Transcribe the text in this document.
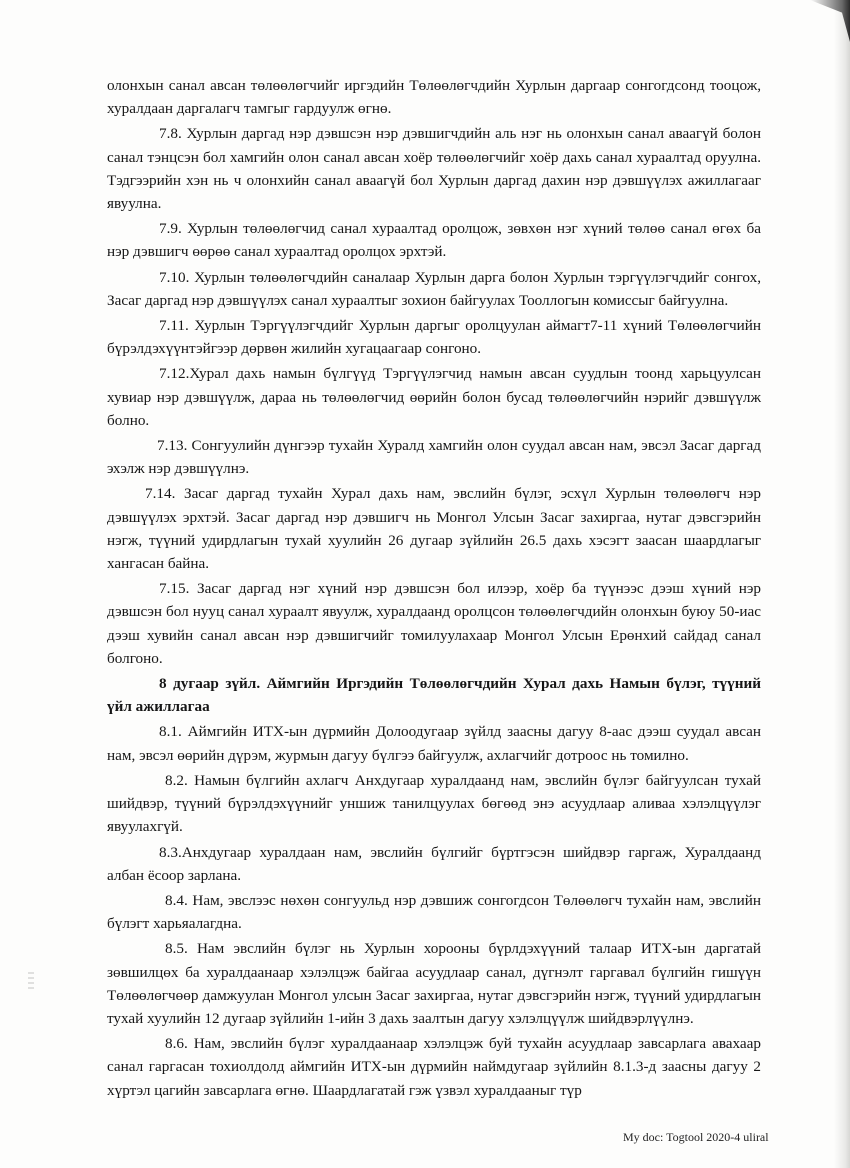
олонхын санал авсан төлөөлөгчийг иргэдийн Төлөөлөгчдийн Хурлын даргаар сонгогдсонд тооцож, хуралдаан даргалагч тамгыг гардуулж өгнө.

7.8. Хурлын даргад нэр дэвшсэн нэр дэвшигчдийн аль нэг нь олонхын санал аваагүй болон санал тэнцсэн бол хамгийн олон санал авсан хоёр төлөөлөгчийг хоёр дахь санал хураалтад оруулна. Тэдгээрийн хэн нь ч олонхийн санал аваагүй бол Хурлын даргад дахин нэр дэвшүүлэх ажиллагааг явуулна.

7.9. Хурлын төлөөлөгчид санал хураалтад оролцож, зөвхөн нэг хүний төлөө санал өгөх ба нэр дэвшигч өөрөө санал хураалтад оролцох эрхтэй.

7.10. Хурлын төлөөлөгчдийн саналаар Хурлын дарга болон Хурлын тэргүүлэгчдийг сонгох, Засаг даргад нэр дэвшүүлэх санал хураалтыг зохион байгуулах Тооллогын комиссыг байгуулна.

7.11. Хурлын Тэргүүлэгчдийг Хурлын даргыг оролцуулан аймагт7-11 хүний Төлөөлөгчийн бүрэлдэхүүнтэйгээр дөрвөн жилийн хугацаагаар сонгоно.

7.12.Хурал дахь намын бүлгүүд Тэргүүлэгчид намын авсан суудлын тоонд харьцуулсан хувиар нэр дэвшүүлж, дараа нь төлөөлөгчид өөрийн болон бусад төлөөлөгчийн нэрийг дэвшүүлж болно.

7.13. Сонгуулийн дүнгээр тухайн Хуралд хамгийн олон суудал авсан нам, эвсэл Засаг даргад эхэлж нэр дэвшүүлнэ.

7.14. Засаг даргад тухайн Хурал дахь нам, эвслийн бүлэг, эсхүл Хурлын төлөөлөгч нэр дэвшүүлэх эрхтэй. Засаг даргад нэр дэвшигч нь Монгол Улсын Засаг захиргаа, нутаг дэвсгэрийн нэгж, түүний удирдлагын тухай хуулийн 26 дугаар зүйлийн 26.5 дахь хэсэгт заасан шаардлагыг хангасан байна.

7.15. Засаг даргад нэг хүний нэр дэвшсэн бол илээр, хоёр ба түүнээс дээш хүний нэр дэвшсэн бол нууц санал хураалт явуулж, хуралдаанд оролцсон төлөөлөгчдийн олонхын буюу 50-иас дээш хувийн санал авсан нэр дэвшигчийг томилуулахаар Монгол Улсын Ерөнхий сайдад санал болгоно.

8 дугаар зүйл. Аймгийн Иргэдийн Төлөөлөгчдийн Хурал дахь Намын бүлэг, түүний үйл ажиллагаа

8.1. Аймгийн ИТХ-ын дүрмийн Долоодугаар зүйлд заасны дагуу 8-аас дээш суудал авсан нам, эвсэл өөрийн дүрэм, журмын дагуу бүлгээ байгуулж, ахлагчийг дотроос нь томилно.

8.2. Намын бүлгийн ахлагч Анхдугаар хуралдаанд нам, эвслийн бүлэг байгуулсан тухай шийдвэр, түүний бүрэлдэхүүнийг уншиж танилцуулах бөгөөд энэ асуудлаар аливаа хэлэлцүүлэг явуулахгүй.

8.3.Анхдугаар хуралдаан нам, эвслийн бүлгийг бүртгэсэн шийдвэр гаргаж, Хуралдаанд албан ёсоор зарлана.

8.4. Нам, эвслээс нөхөн сонгуульд нэр дэвшиж сонгогдсон Төлөөлөгч тухайн нам, эвслийн бүлэгт харьяалагдна.

8.5. Нам эвслийн бүлэг нь Хурлын хорооны бүрлдэхүүний талаар ИТХ-ын даргатай зөвшилцөх ба хуралдаанаар хэлэлцэж байгаа асуудлаар санал, дүгнэлт гаргавал бүлгийн гишүүн Төлөөлөгчөөр дамжуулан Монгол улсын Засаг захиргаа, нутаг дэвсгэрийн нэгж, түүний удирдлагын тухай хуулийн 12 дугаар зүйлийн 1-ийн 3 дахь заалтын дагуу хэлэлцүүлж шийдвэрлүүлнэ.

8.6. Нам, эвслийн бүлэг хуралдаанаар хэлэлцэж буй тухайн асуудлаар завсарлага авахаар санал гаргасан тохиолдолд аймгийн ИТХ-ын дүрмийн наймдугаар зүйлийн 8.1.3-д заасны дагуу 2 хүртэл цагийн завсарлага өгнө. Шаардлагатай гэж үзвэл хуралдааныг түр

My doc: Togtool 2020-4 uliral
